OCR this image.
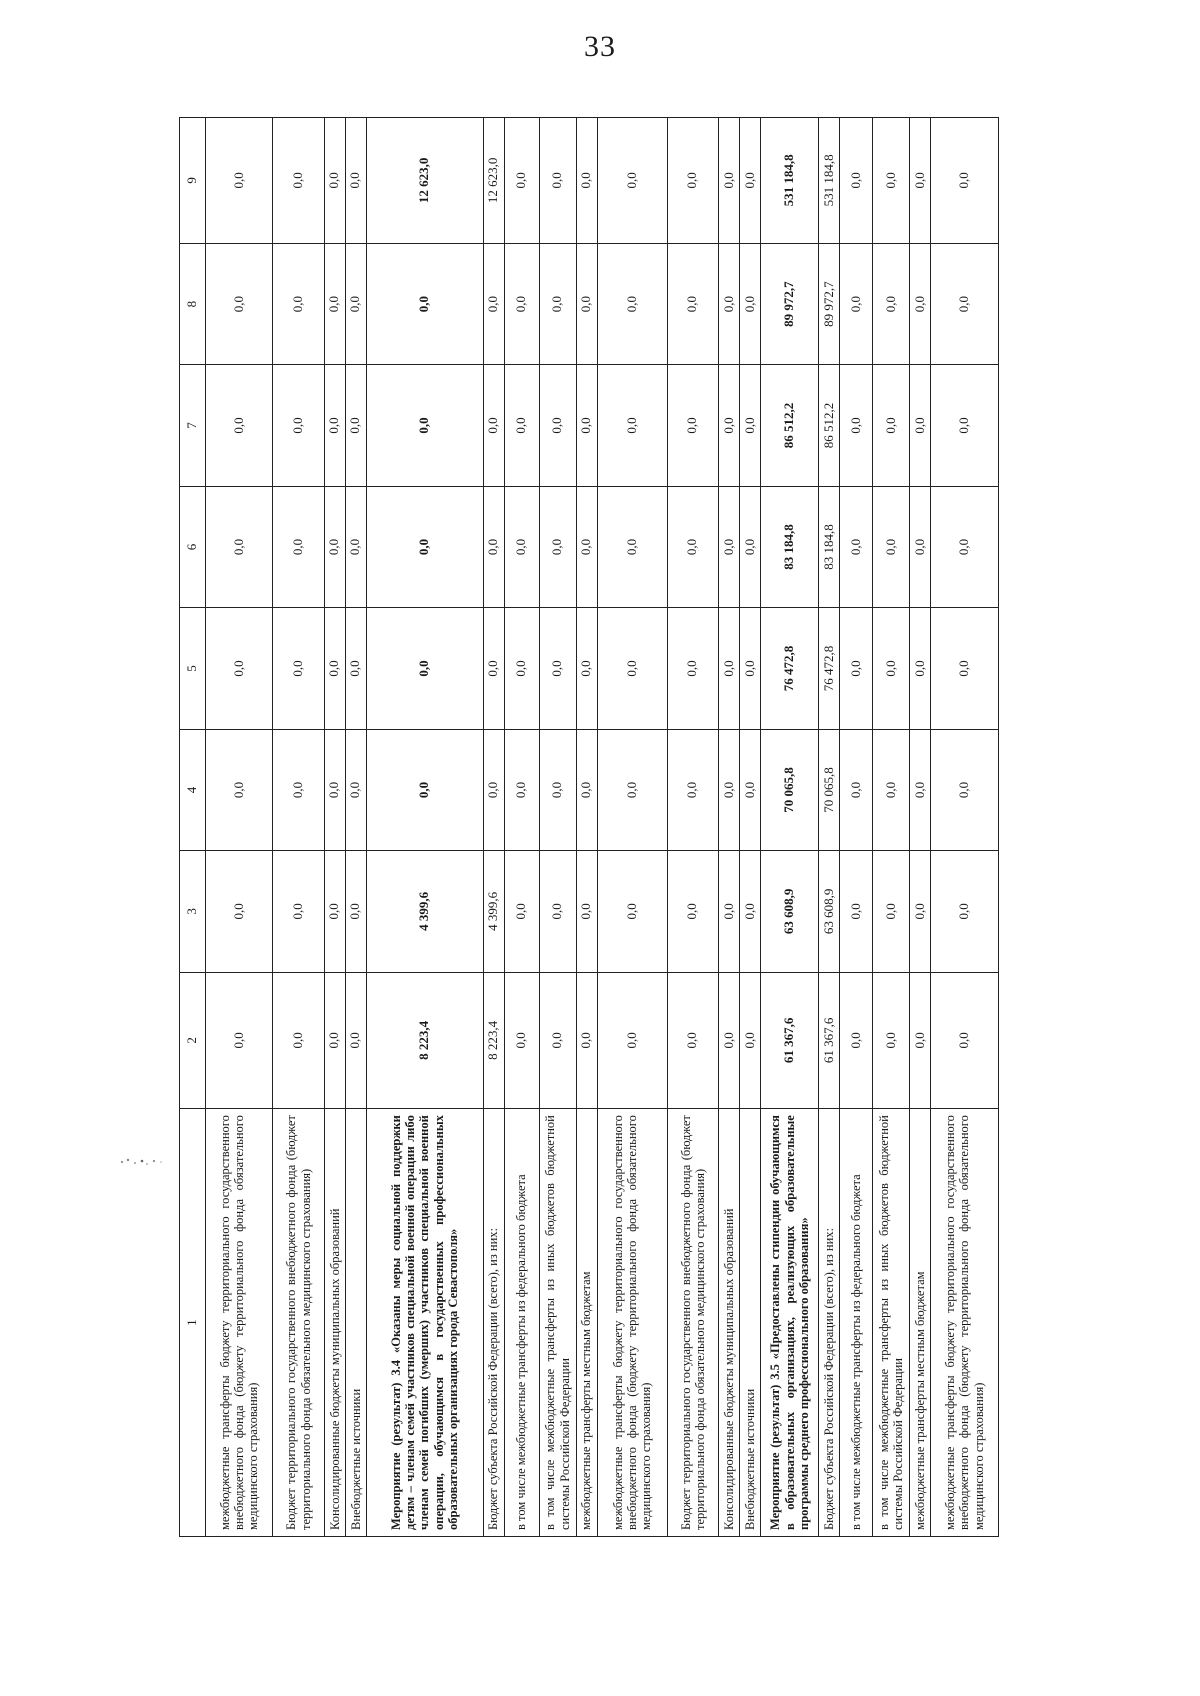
33
1	2	3	4	5	6	7	8	9
межбюджетные трансферты бюджету территориального государственного внебюджетного фонда (бюджету территориального фонда обязательного медицинского страхования)	0,0	0,0	0,0	0,0	0,0	0,0	0,0	0,0
Бюджет территориального государственного внебюджетного фонда (бюджет территориального фонда обязательного медицинского страхования)	0,0	0,0	0,0	0,0	0,0	0,0	0,0	0,0
Консолидированные бюджеты муниципальных образований	0,0	0,0	0,0	0,0	0,0	0,0	0,0	0,0
Внебюджетные источники	0,0	0,0	0,0	0,0	0,0	0,0	0,0	0,0
Мероприятие (результат) 3.4 «Оказаны меры социальной поддержки детям – членам семей участников специальной военной операции либо членам семей погибших (умерших) участников специальной военной операции, обучающимся в государственных профессиональных образовательных организациях города Севастополя»	8 223,4	4 399,6	0,0	0,0	0,0	0,0	0,0	12 623,0
Бюджет субъекта Российской Федерации (всего), из них:	8 223,4	4 399,6	0,0	0,0	0,0	0,0	0,0	12 623,0
в том числе межбюджетные трансферты из федерального бюджета	0,0	0,0	0,0	0,0	0,0	0,0	0,0	0,0
в том числе межбюджетные трансферты из иных бюджетов бюджетной системы Российской Федерации	0,0	0,0	0,0	0,0	0,0	0,0	0,0	0,0
межбюджетные трансферты местным бюджетам	0,0	0,0	0,0	0,0	0,0	0,0	0,0	0,0
межбюджетные трансферты бюджету территориального государственного внебюджетного фонда (бюджету территориального фонда обязательного медицинского страхования)	0,0	0,0	0,0	0,0	0,0	0,0	0,0	0,0
Бюджет территориального государственного внебюджетного фонда (бюджет территориального фонда обязательного медицинского страхования)	0,0	0,0	0,0	0,0	0,0	0,0	0,0	0,0
Консолидированные бюджеты муниципальных образований	0,0	0,0	0,0	0,0	0,0	0,0	0,0	0,0
Внебюджетные источники	0,0	0,0	0,0	0,0	0,0	0,0	0,0	0,0
Мероприятие (результат) 3.5 «Предоставлены стипендии обучающимся в образовательных организациях, реализующих образовательные программы среднего профессионального образования»	61 367,6	63 608,9	70 065,8	76 472,8	83 184,8	86 512,2	89 972,7	531 184,8
Бюджет субъекта Российской Федерации (всего), из них:	61 367,6	63 608,9	70 065,8	76 472,8	83 184,8	86 512,2	89 972,7	531 184,8
в том числе межбюджетные трансферты из федерального бюджета	0,0	0,0	0,0	0,0	0,0	0,0	0,0	0,0
в том числе межбюджетные трансферты из иных бюджетов бюджетной системы Российской Федерации	0,0	0,0	0,0	0,0	0,0	0,0	0,0	0,0
межбюджетные трансферты местным бюджетам	0,0	0,0	0,0	0,0	0,0	0,0	0,0	0,0
межбюджетные трансферты бюджету территориального государственного внебюджетного фонда (бюджету территориального фонда обязательного медицинского страхования)	0,0	0,0	0,0	0,0	0,0	0,0	0,0	0,0
